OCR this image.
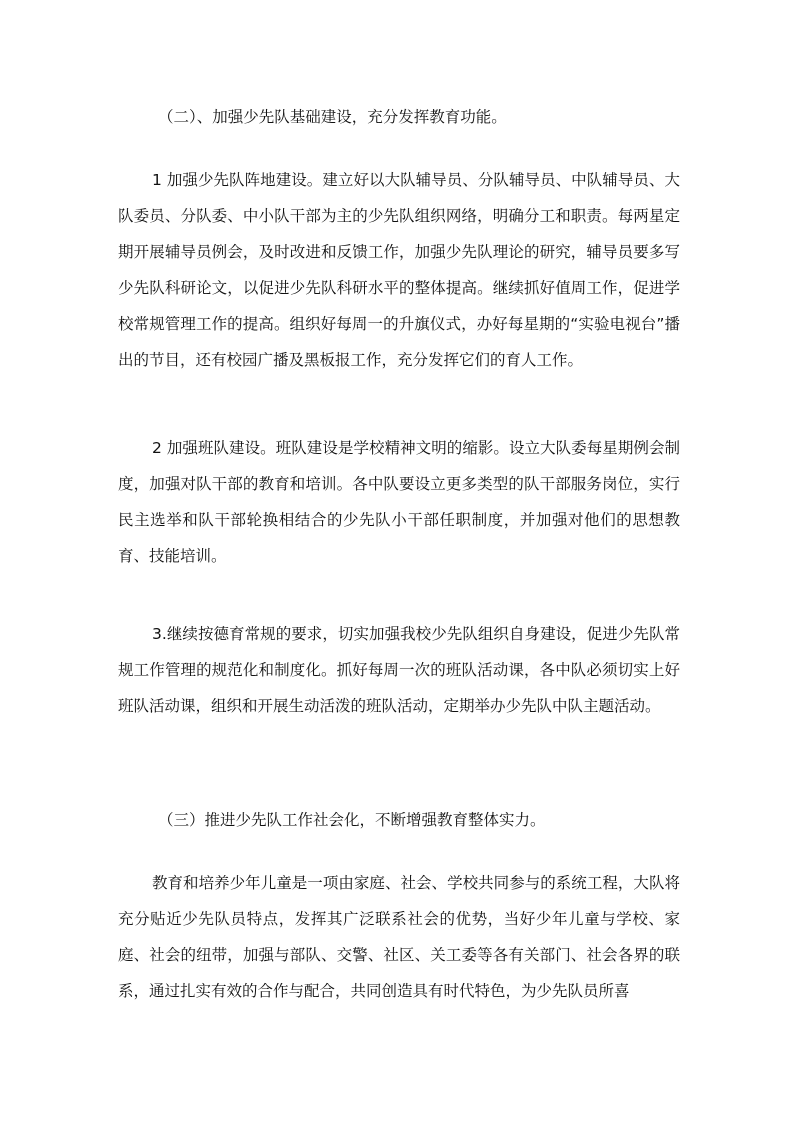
（二）、加强少先队基础建设，充分发挥教育功能。

1 加强少先队阵地建设。建立好以大队辅导员、分队辅导员、中队辅导员、大队委员、分队委、中小队干部为主的少先队组织网络，明确分工和职责。每两星定期开展辅导员例会，及时改进和反馈工作，加强少先队理论的研究，辅导员要多写少先队科研论文，以促进少先队科研水平的整体提高。继续抓好值周工作，促进学校常规管理工作的提高。组织好每周一的升旗仪式，办好每星期的“实验电视台”播出的节目，还有校园广播及黑板报工作，充分发挥它们的育人工作。

2 加强班队建设。班队建设是学校精神文明的缩影。设立大队委每星期例会制度，加强对队干部的教育和培训。各中队要设立更多类型的队干部服务岗位，实行民主选举和队干部轮换相结合的少先队小干部任职制度，并加强对他们的思想教育、技能培训。

3.继续按德育常规的要求，切实加强我校少先队组织自身建设，促进少先队常规工作管理的规范化和制度化。抓好每周一次的班队活动课，各中队必须切实上好班队活动课，组织和开展生动活泼的班队活动，定期举办少先队中队主题活动。

（三）推进少先队工作社会化，不断增强教育整体实力。

教育和培养少年儿童是一项由家庭、社会、学校共同参与的系统工程，大队将充分贴近少先队员特点，发挥其广泛联系社会的优势，当好少年儿童与学校、家庭、社会的纽带，加强与部队、交警、社区、关工委等各有关部门、社会各界的联系，通过扎实有效的合作与配合，共同创造具有时代特色，为少先队员所喜
